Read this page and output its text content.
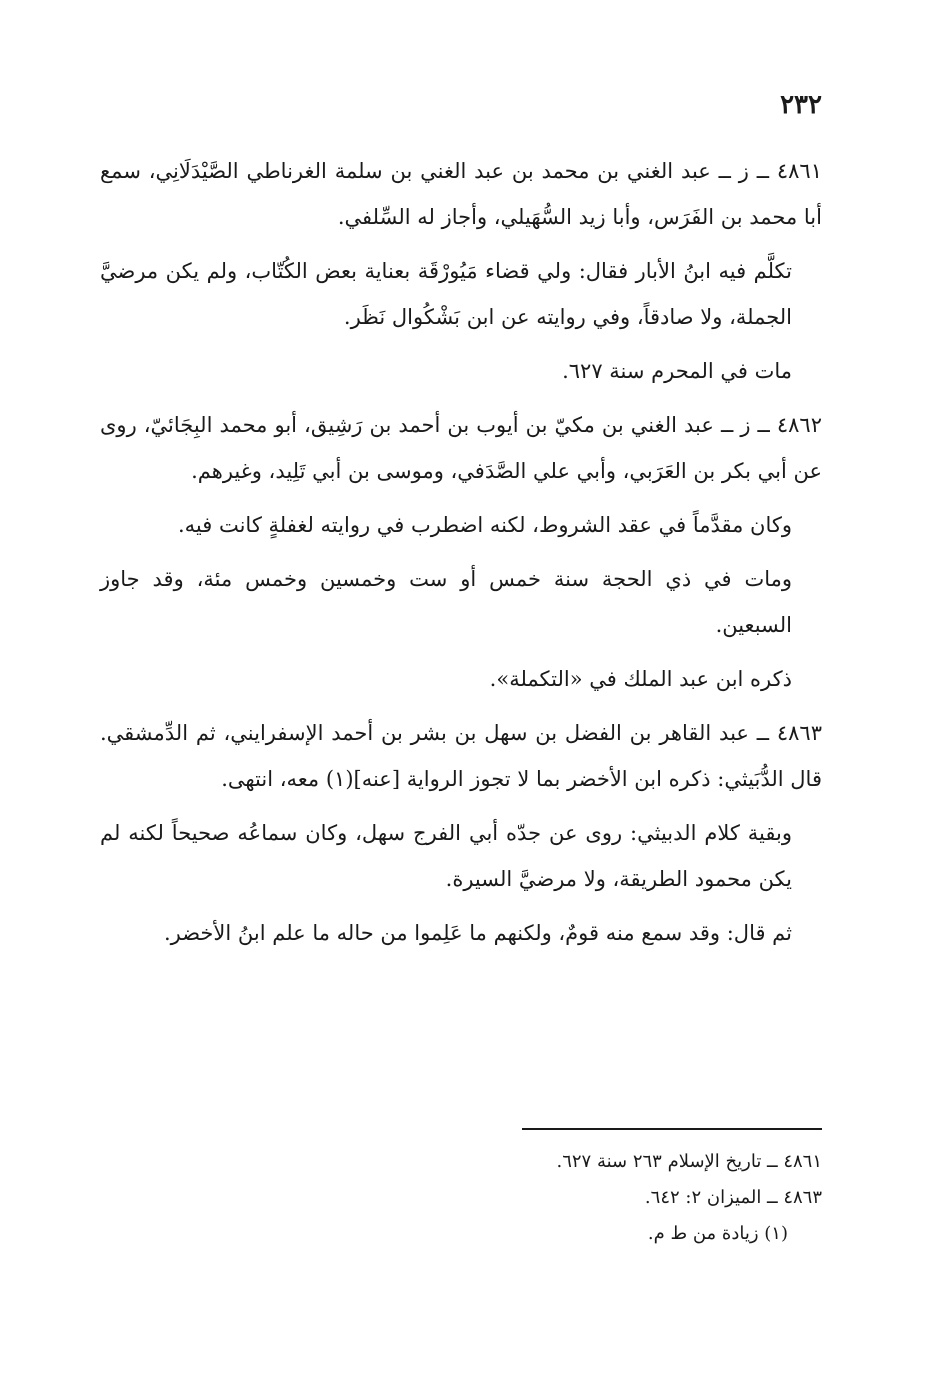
٢٣٢

٤٨٦١ ــ ز ــ عبد الغني بن محمد بن عبد الغني بن سلمة الغرناطي الصَّيْدَلَانِي، سمع أبا محمد بن الفَرَس، وأبا زيد السُّهَيلي، وأجاز له السِّلفي.

تكلَّم فيه ابنُ الأبار فقال: ولي قضاء مَيُورْقَة بعناية بعض الكُتّاب، ولم يكن مرضيَّ الجملة، ولا صادقاً، وفي روايته عن ابن بَشْكُوال نَظَر.

مات في المحرم سنة ٦٢٧.

٤٨٦٢ ــ ز ــ عبد الغني بن مكيّ بن أيوب بن أحمد بن رَشِيق، أبو محمد البِجَائيّ، روى عن أبي بكر بن العَرَبي، وأبي علي الصَّدَفي، وموسى بن أبي تَلِيد، وغيرهم.

وكان مقدَّماً في عقد الشروط، لكنه اضطرب في روايته لغفلةٍ كانت فيه.

ومات في ذي الحجة سنة خمس أو ست وخمسين وخمس مئة، وقد جاوز السبعين.

ذكره ابن عبد الملك في «التكملة».

٤٨٦٣ ــ عبد القاهر بن الفضل بن سهل بن بشر بن أحمد الإسفرايني، ثم الدِّمشقي. قال الدُّبَيثي: ذكره ابن الأخضر بما لا تجوز الرواية [عنه](١) معه، انتهى.

وبقية كلام الدبيثي: روى عن جدّه أبي الفرج سهل، وكان سماعُه صحيحاً لكنه لم يكن محمود الطريقة، ولا مرضيَّ السيرة.

ثم قال: وقد سمع منه قومٌ، ولكنهم ما عَلِموا من حاله ما علم ابنُ الأخضر.

٤٨٦١ ــ تاريخ الإسلام ٢٦٣ سنة ٦٢٧.

٤٨٦٣ ــ الميزان ٢: ٦٤٢.

(١) زيادة من ط م.
